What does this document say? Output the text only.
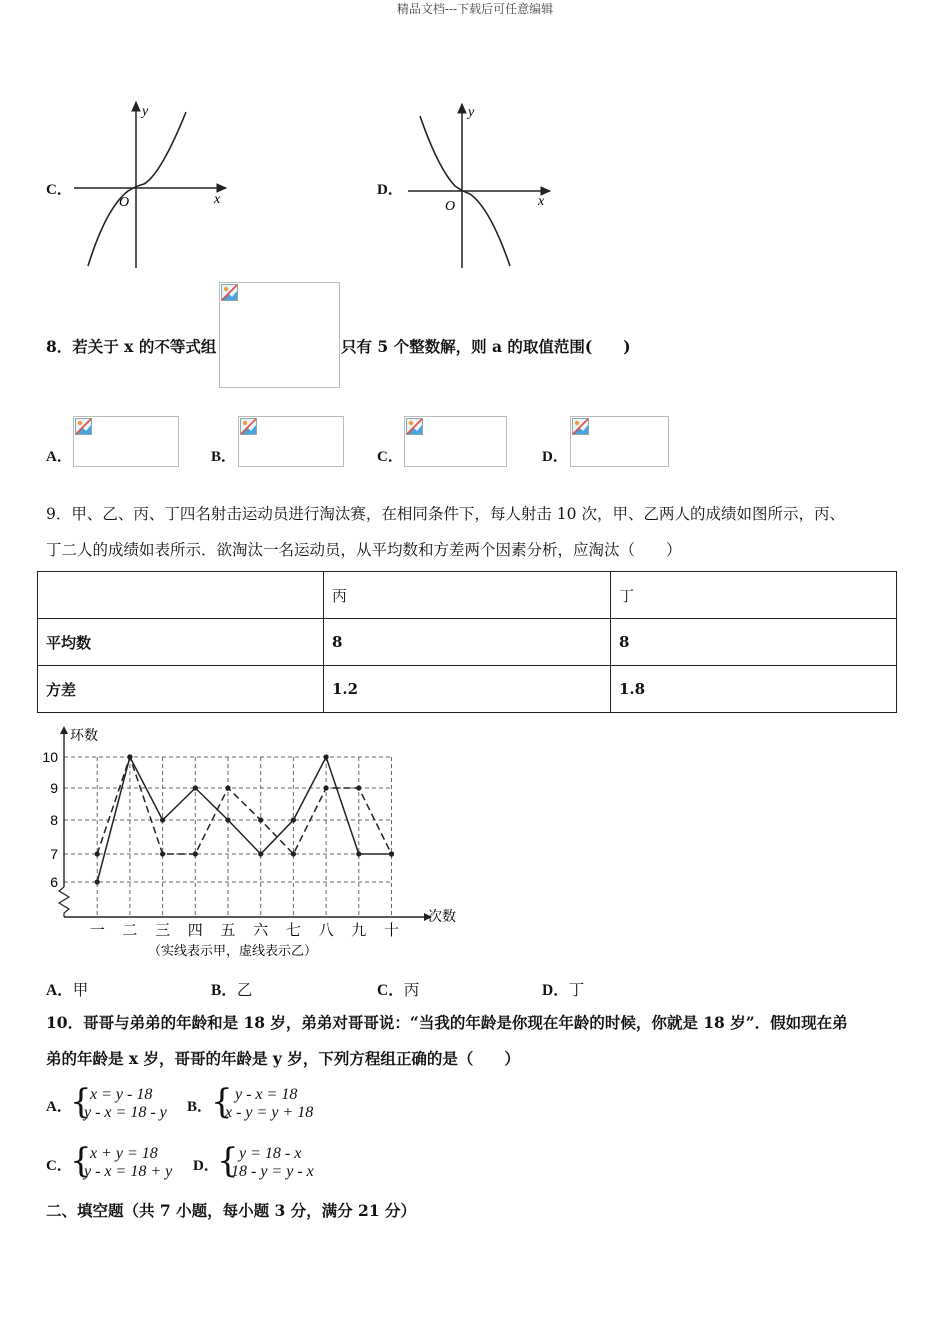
精品文档---下载后可任意编辑
C．
y
x
O
D．
y
x
O
8．若关于 x 的不等式组	只有 5 个整数解，则 a 的取值范围(　　)
A．	B．	C．	D．
9．甲、乙、丙、丁四名射击运动员进行淘汰赛，在相同条件下，每人射击 10 次，甲、乙两人的成绩如图所示，丙、
丁二人的成绩如表所示．欲淘汰一名运动员，从平均数和方差两个因素分析，应淘汰（　　）
	丙	丁
平均数	8	8
方差	1.2	1.8
环数
次数
6
7
8
9
10
一 二 三 四 五 六 七 八 九 十
（实线表示甲，虚线表示乙）
A．甲	B．乙	C．丙	D．丁
10．哥哥与弟弟的年龄和是 18 岁，弟弟对哥哥说：“当我的年龄是你现在年龄的时候，你就是 18 岁”．假如现在弟
弟的年龄是 x 岁，哥哥的年龄是 y 岁，下列方程组正确的是（　　）
A．
{
x = y - 18
y - x = 18 - y B．
{ y - x = 18
x - y = y + 18
C．
{
x + y = 18
y - x = 18 + y D．
{ y = 18 - x
18 - y = y - x
二、填空题（共 7 小题，每小题 3 分，满分 21 分）
